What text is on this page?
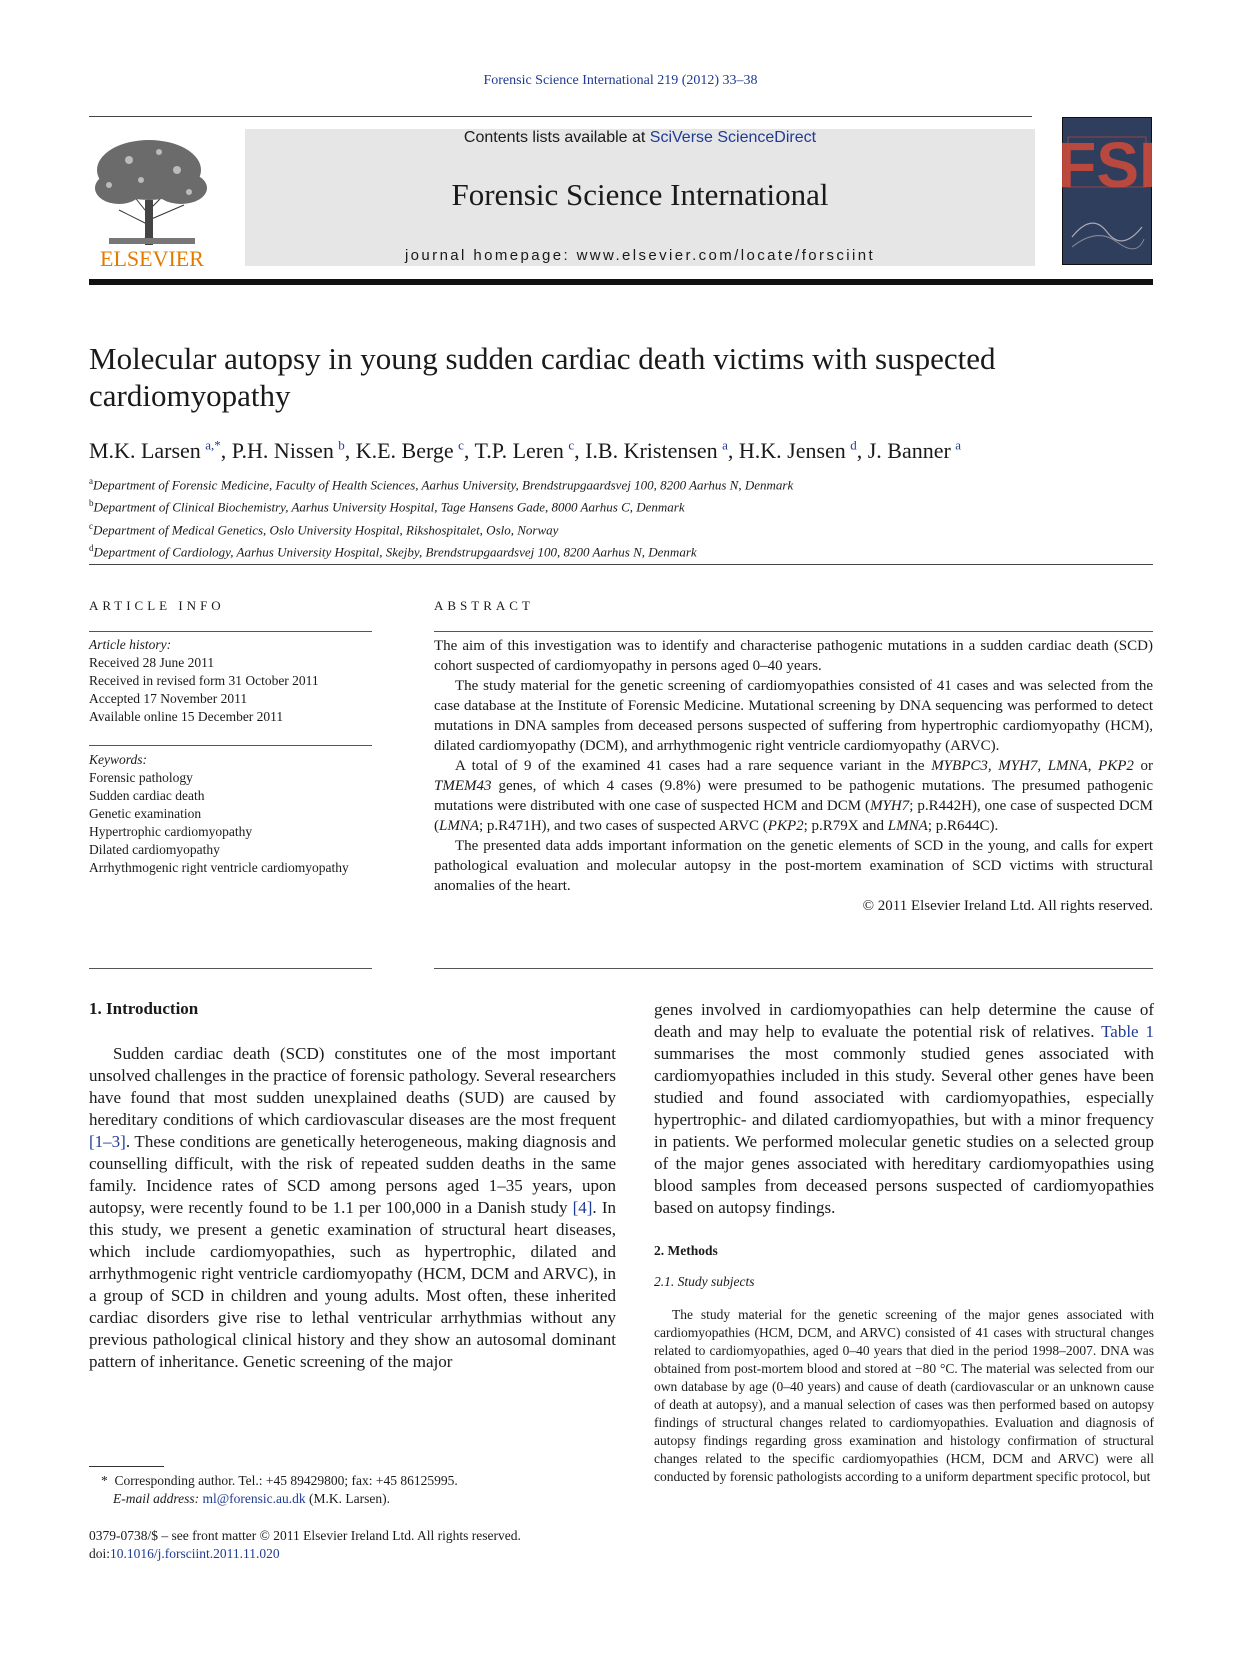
Forensic Science International 219 (2012) 33–38
ELSEVIER
Contents lists available at SciVerse ScienceDirect
Forensic Science International
journal homepage: www.elsevier.com/locate/forsciint
FSI
Molecular autopsy in young sudden cardiac death victims with suspected cardiomyopathy
M.K. Larsen  $^{a,*}$, P.H. Nissen  $^b$, K.E. Berge  $^c$, T.P. Leren  $^c$, I.B. Kristensen  $^a$, H.K. Jensen  $^d$, J. Banner  $^a$
$^a$Department of Forensic Medicine, Faculty of Health Sciences, Aarhus University, Brendstrupgaardsvej 100, 8200 Aarhus N, Denmark
$^b$Department of Clinical Biochemistry, Aarhus University Hospital, Tage Hansens Gade, 8000 Aarhus C, Denmark
$^c$Department of Medical Genetics, Oslo University Hospital, Rikshospitalet, Oslo, Norway
$^d$Department of Cardiology, Aarhus University Hospital, Skejby, Brendstrupgaardsvej 100, 8200 Aarhus N, Denmark
ARTICLE INFO
Article history:
Received 28 June 2011
Received in revised form 31 October 2011
Accepted 17 November 2011
Available online 15 December 2011
Keywords:
Forensic pathology
Sudden cardiac death
Genetic examination
Hypertrophic cardiomyopathy
Dilated cardiomyopathy
Arrhythmogenic right ventricle cardiomyopathy
ABSTRACT

The aim of this investigation was to identify and characterise pathogenic mutations in a sudden cardiac death (SCD) cohort suspected of cardiomyopathy in persons aged 0–40 years.

The study material for the genetic screening of cardiomyopathies consisted of 41 cases and was selected from the case database at the Institute of Forensic Medicine. Mutational screening by DNA sequencing was performed to detect mutations in DNA samples from deceased persons suspected of suffering from hypertrophic cardiomyopathy (HCM), dilated cardiomyopathy (DCM), and arrhythmogenic right ventricle cardiomyopathy (ARVC).

A total of 9 of the examined 41 cases had a rare sequence variant in the MYBPC3, MYH7, LMNA, PKP2 or TMEM43 genes, of which 4 cases (9.8%) were presumed to be pathogenic mutations. The presumed pathogenic mutations were distributed with one case of suspected HCM and DCM (MYH7; p.R442H), one case of suspected DCM (LMNA; p.R471H), and two cases of suspected ARVC (PKP2; p.R79X and LMNA; p.R644C).

The presented data adds important information on the genetic elements of SCD in the young, and calls for expert pathological evaluation and molecular autopsy in the post-mortem examination of SCD victims with structural anomalies of the heart.

© 2011 Elsevier Ireland Ltd. All rights reserved.
1. Introduction

Sudden cardiac death (SCD) constitutes one of the most important unsolved challenges in the practice of forensic pathology. Several researchers have found that most sudden unexplained deaths (SUD) are caused by hereditary conditions of which cardiovascular diseases are the most frequent [1–3]. These conditions are genetically heterogeneous, making diagnosis and counselling difficult, with the risk of repeated sudden deaths in the same family. Incidence rates of SCD among persons aged 1–35 years, upon autopsy, were recently found to be 1.1 per 100,000 in a Danish study [4]. In this study, we present a genetic examination of structural heart diseases, which include cardiomyopathies, such as hypertrophic, dilated and arrhythmogenic right ventricle cardiomyopathy (HCM, DCM and ARVC), in a group of SCD in children and young adults. Most often, these inherited cardiac disorders give rise to lethal ventricular arrhythmias without any previous pathological clinical history and they show an autosomal dominant pattern of inheritance. Genetic screening of the major

genes involved in cardiomyopathies can help determine the cause of death and may help to evaluate the potential risk of relatives. Table 1 summarises the most commonly studied genes associated with cardiomyopathies included in this study. Several other genes have been studied and found associated with cardiomyopathies, especially hypertrophic- and dilated cardiomyopathies, but with a minor frequency in patients. We performed molecular genetic studies on a selected group of the major genes associated with hereditary cardiomyopathies using blood samples from deceased persons suspected of cardiomyopathies based on autopsy findings.

2. Methods
2.1. Study subjects

The study material for the genetic screening of the major genes associated with cardiomyopathies (HCM, DCM, and ARVC) consisted of 41 cases with structural changes related to cardiomyopathies, aged 0–40 years that died in the period 1998–2007. DNA was obtained from post-mortem blood and stored at −80 °C. The material was selected from our own database by age (0–40 years) and cause of death (cardiovascular or an unknown cause of death at autopsy), and a manual selection of cases was then performed based on autopsy findings of structural changes related to cardiomyopathies. Evaluation and diagnosis of autopsy findings regarding gross examination and histology confirmation of structural changes related to the specific cardiomyopathies (HCM, DCM and ARVC) were all conducted by forensic pathologists according to a uniform department specific protocol, but

* Corresponding author. Tel.: +45 89429800; fax: +45 86125995.
E-mail address: ml@forensic.au.dk (M.K. Larsen).
0379-0738/$ – see front matter © 2011 Elsevier Ireland Ltd. All rights reserved.
doi:10.1016/j.forsciint.2011.11.020
